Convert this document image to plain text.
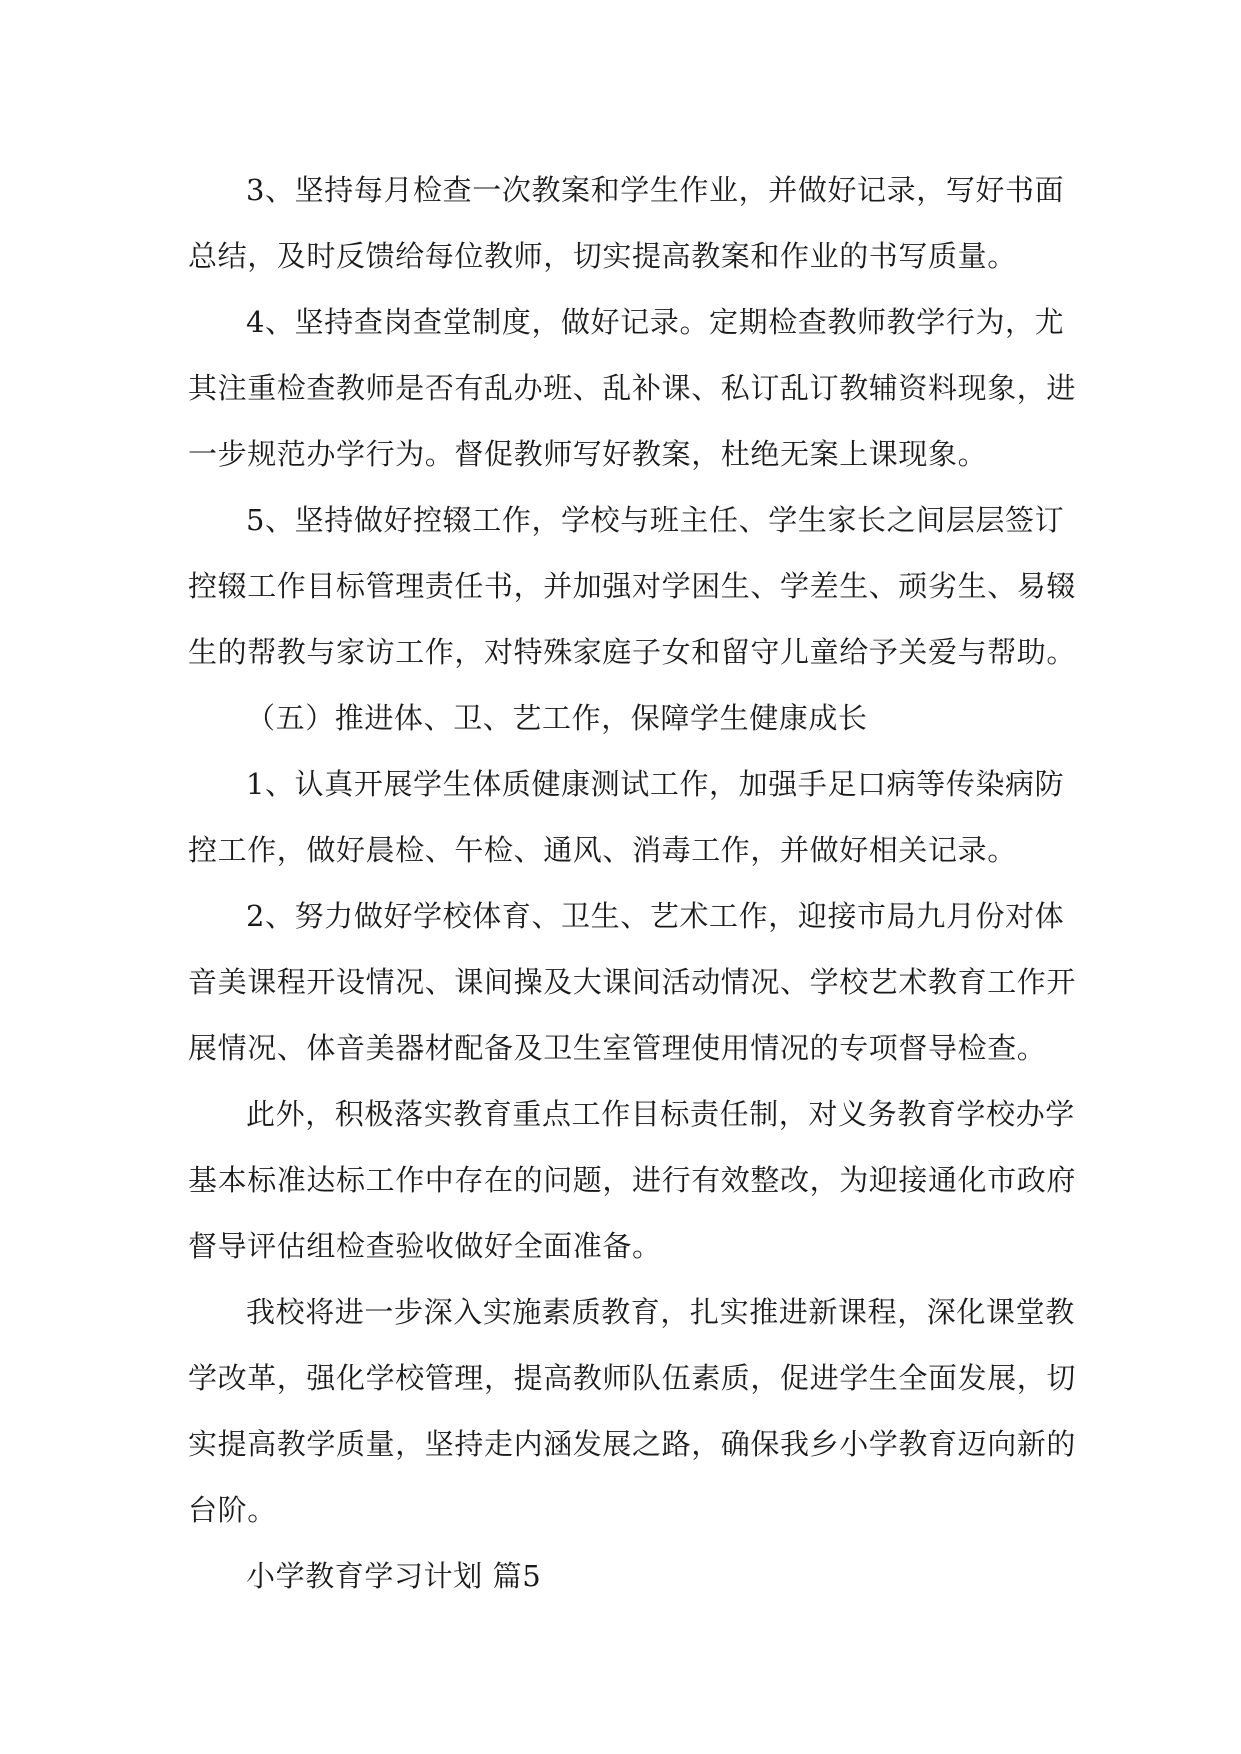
3、坚持每月检查一次教案和学生作业，并做好记录，写好书面
总结，及时反馈给每位教师，切实提高教案和作业的书写质量。
4、坚持查岗查堂制度，做好记录。定期检查教师教学行为，尤
其注重检查教师是否有乱办班、乱补课、私订乱订教辅资料现象，进
一步规范办学行为。督促教师写好教案，杜绝无案上课现象。
5、坚持做好控辍工作，学校与班主任、学生家长之间层层签订
控辍工作目标管理责任书，并加强对学困生、学差生、顽劣生、易辍
生的帮教与家访工作，对特殊家庭子女和留守儿童给予关爱与帮助。
（五）推进体、卫、艺工作，保障学生健康成长
1、认真开展学生体质健康测试工作，加强手足口病等传染病防
控工作，做好晨检、午检、通风、消毒工作，并做好相关记录。
2、努力做好学校体育、卫生、艺术工作，迎接市局九月份对体
音美课程开设情况、课间操及大课间活动情况、学校艺术教育工作开
展情况、体音美器材配备及卫生室管理使用情况的专项督导检查。
此外，积极落实教育重点工作目标责任制，对义务教育学校办学
基本标准达标工作中存在的问题，进行有效整改，为迎接通化市政府
督导评估组检查验收做好全面准备。
我校将进一步深入实施素质教育，扎实推进新课程，深化课堂教
学改革，强化学校管理，提高教师队伍素质，促进学生全面发展，切
实提高教学质量，坚持走内涵发展之路，确保我乡小学教育迈向新的
台阶。
小学教育学习计划 篇5
